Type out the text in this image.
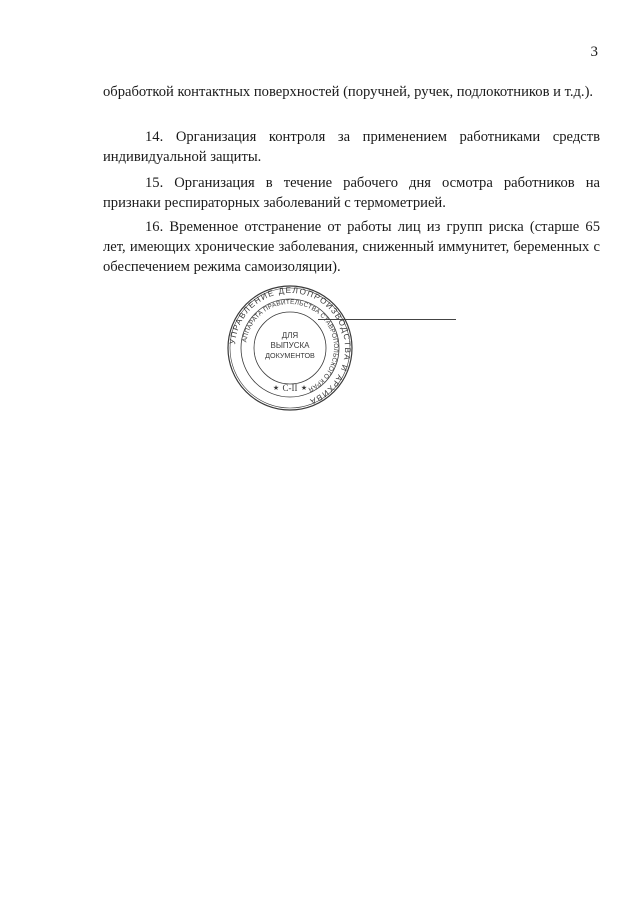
3

обработкой контактных поверхностей (поручней, ручек, подлокотников и т.д.).

14. Организация контроля за применением работниками средств индивидуальной защиты.

15. Организация в течение рабочего дня осмотра работников на признаки респираторных заболеваний с термометрией.

16. Временное отстранение от работы лиц из групп риска (старше 65 лет, имеющих хронические заболевания, сниженный иммунитет, беременных с обеспечением режима самоизоляции).

УПРАВЛЕНИЕ ДЕЛОПРОИЗВОДСТВА И АРХИВА
АППАРАТА ПРАВИТЕЛЬСТВА СТАВРОПОЛЬСКОГО КРАЯ
ДЛЯ
ВЫПУСКА
ДОКУМЕНТОВ
С-II
★	★
